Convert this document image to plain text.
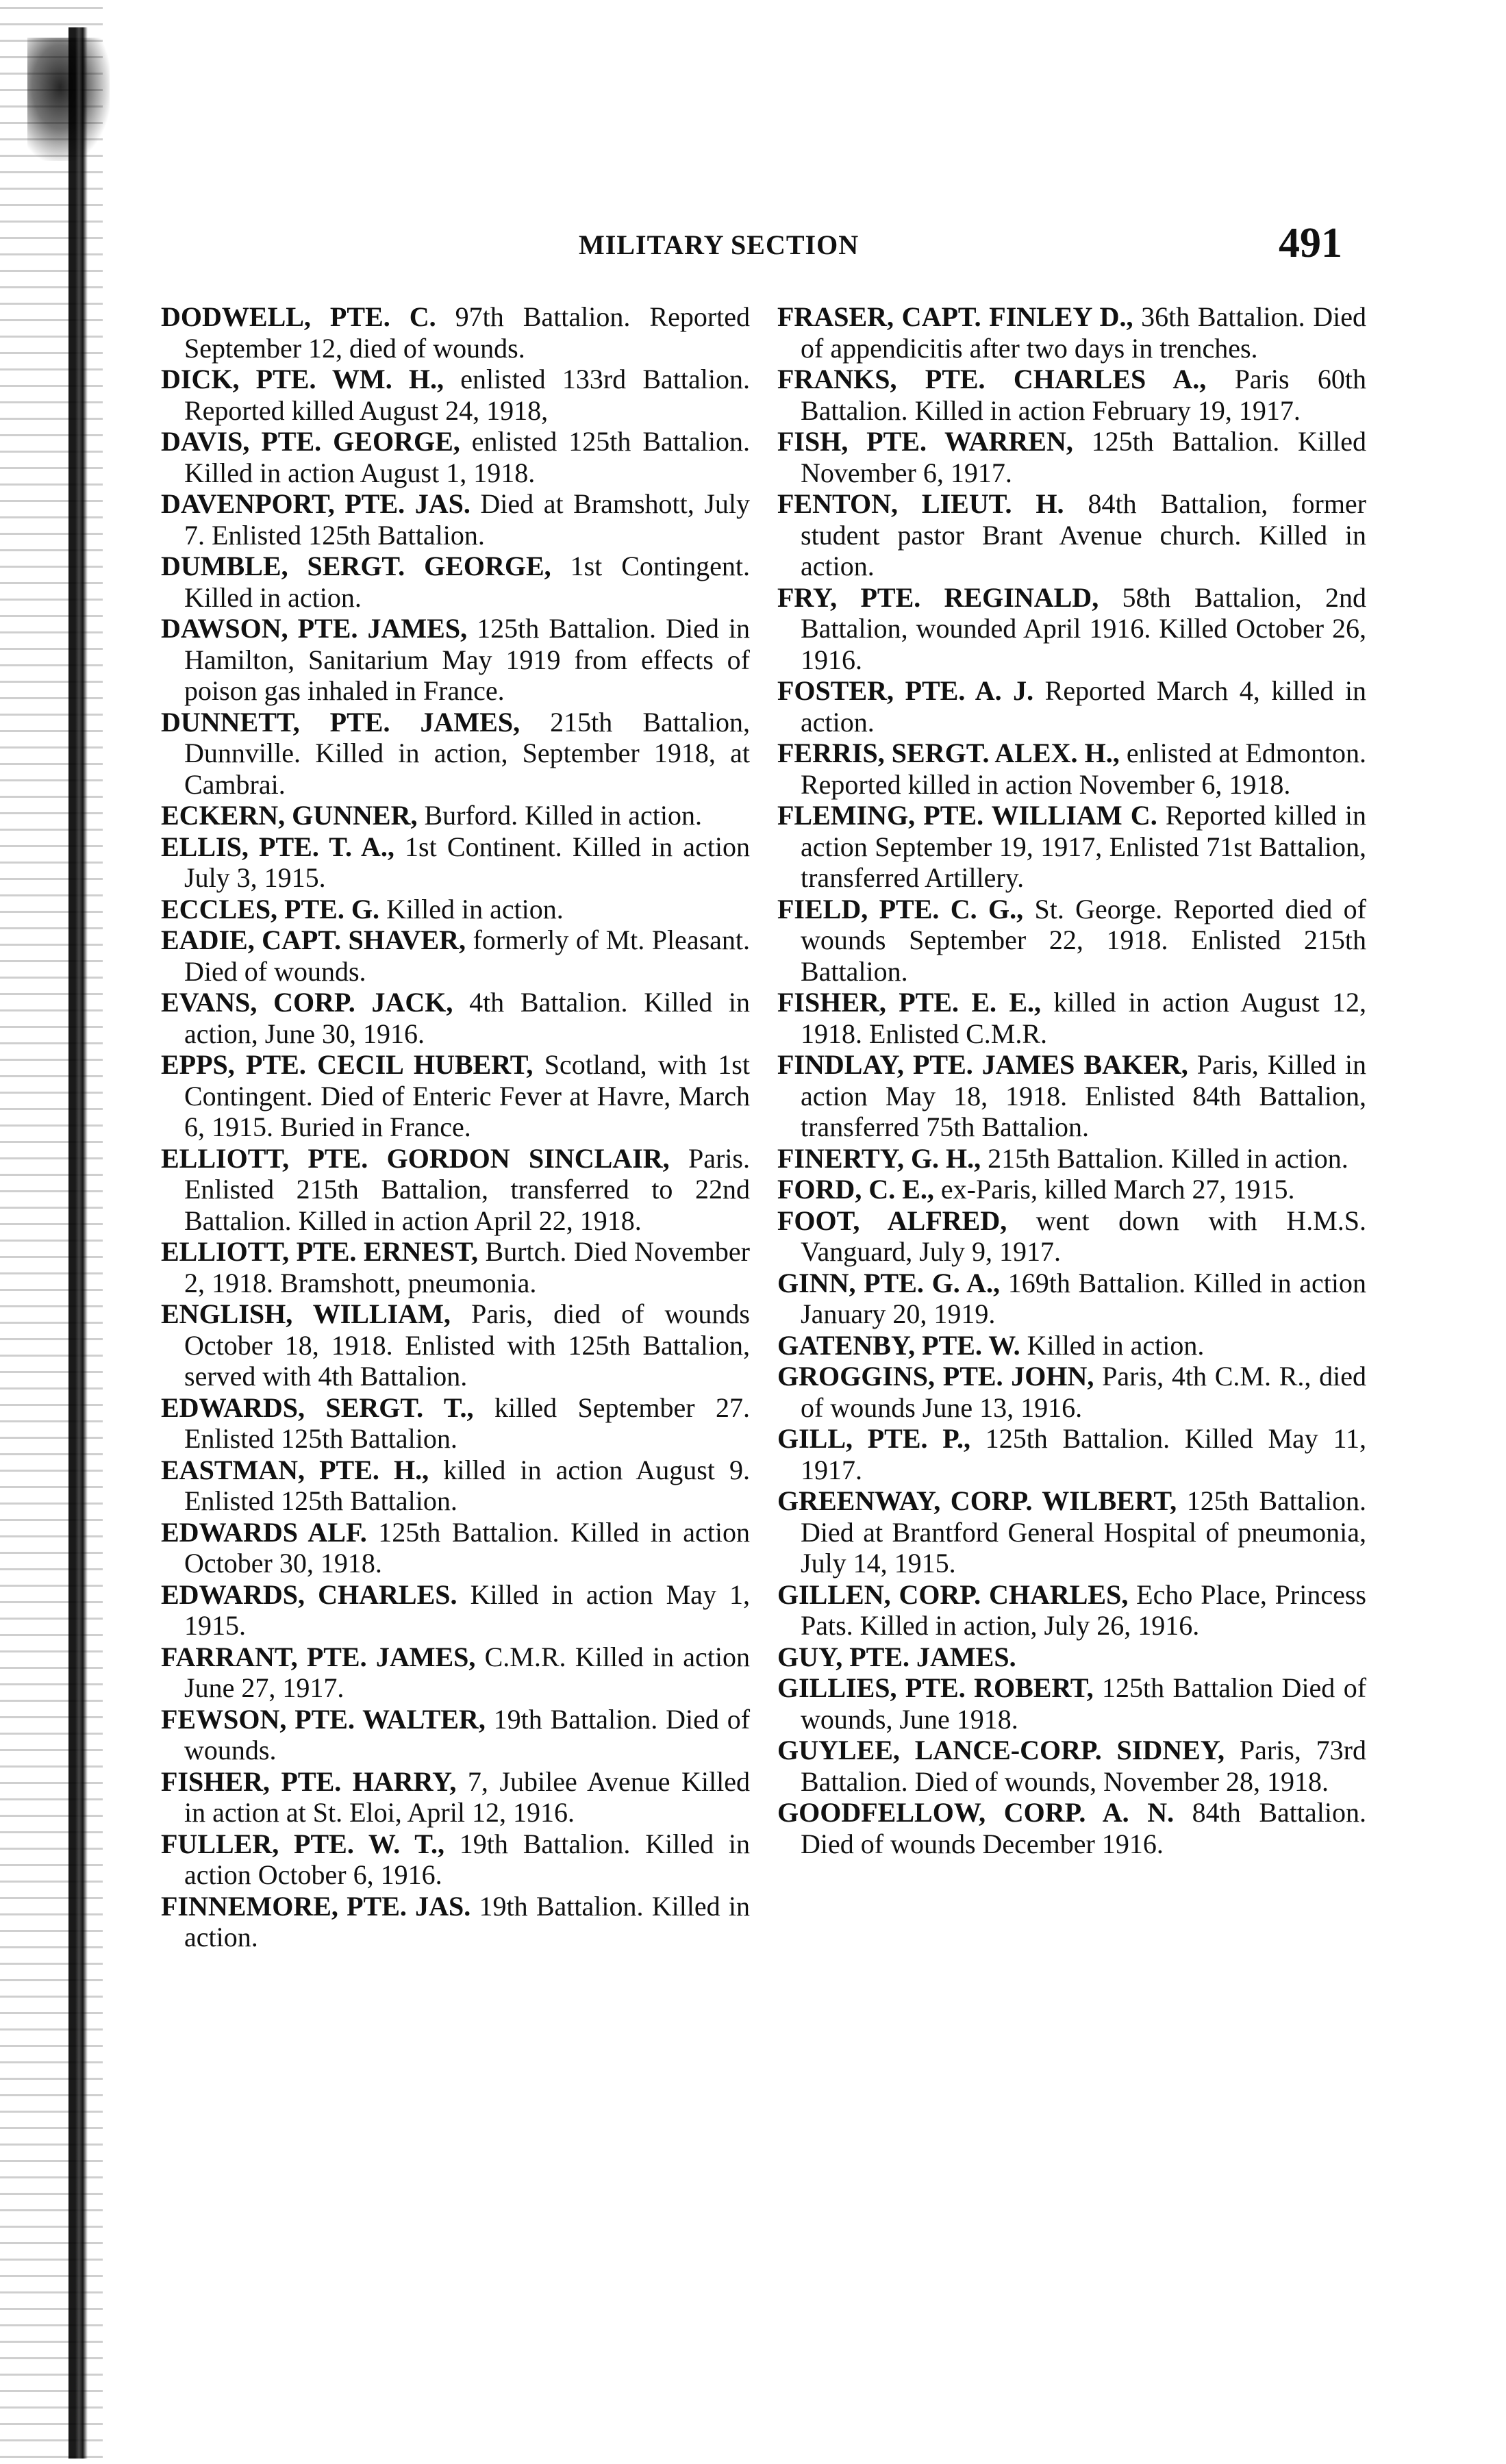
MILITARY SECTION	491

DODWELL, PTE. C. 97th Battalion. Reported September 12, died of wounds.

DICK, PTE. WM. H., enlisted 133rd Battalion. Reported killed August 24, 1918,

DAVIS, PTE. GEORGE, enlisted 125th Battalion. Killed in action August 1, 1918.

DAVENPORT, PTE. JAS. Died at Bramshott, July 7. Enlisted 125th Battalion.

DUMBLE, SERGT. GEORGE, 1st Contingent. Killed in action.

DAWSON, PTE. JAMES, 125th Battalion. Died in Hamilton, Sanitarium May 1919 from effects of poison gas inhaled in France.

DUNNETT, PTE. JAMES, 215th Battalion, Dunnville. Killed in action, September 1918, at Cambrai.

ECKERN, GUNNER, Burford. Killed in action.

ELLIS, PTE. T. A., 1st Continent. Killed in action July 3, 1915.

ECCLES, PTE. G. Killed in action.

EADIE, CAPT. SHAVER, formerly of Mt. Pleasant. Died of wounds.

EVANS, CORP. JACK, 4th Battalion. Killed in action, June 30, 1916.

EPPS, PTE. CECIL HUBERT, Scotland, with 1st Contingent. Died of Enteric Fever at Havre, March 6, 1915. Buried in France.

ELLIOTT, PTE. GORDON SINCLAIR, Paris. Enlisted 215th Battalion, transferred to 22nd Battalion. Killed in action April 22, 1918.

ELLIOTT, PTE. ERNEST, Burtch. Died November 2, 1918. Bramshott, pneumonia.

ENGLISH, WILLIAM, Paris, died of wounds October 18, 1918. Enlisted with 125th Battalion, served with 4th Battalion.

EDWARDS, SERGT. T., killed September 27. Enlisted 125th Battalion.

EASTMAN, PTE. H., killed in action August 9. Enlisted 125th Battalion.

EDWARDS ALF. 125th Battalion. Killed in action October 30, 1918.

EDWARDS, CHARLES. Killed in action May 1, 1915.

FARRANT, PTE. JAMES, C.M.R. Killed in action June 27, 1917.

FEWSON, PTE. WALTER, 19th Battalion. Died of wounds.

FISHER, PTE. HARRY, 7, Jubilee Avenue Killed in action at St. Eloi, April 12, 1916.

FULLER, PTE. W. T., 19th Battalion. Killed in action October 6, 1916.

FINNEMORE, PTE. JAS. 19th Battalion. Killed in action.

FRASER, CAPT. FINLEY D., 36th Battalion. Died of appendicitis after two days in trenches.

FRANKS, PTE. CHARLES A., Paris 60th Battalion. Killed in action February 19, 1917.

FISH, PTE. WARREN, 125th Battalion. Killed November 6, 1917.

FENTON, LIEUT. H. 84th Battalion, former student pastor Brant Avenue church. Killed in action.

FRY, PTE. REGINALD, 58th Battalion, 2nd Battalion, wounded April 1916. Killed October 26, 1916.

FOSTER, PTE. A. J. Reported March 4, killed in action.

FERRIS, SERGT. ALEX. H., enlisted at Edmonton. Reported killed in action November 6, 1918.

FLEMING, PTE. WILLIAM C. Reported killed in action September 19, 1917, Enlisted 71st Battalion, transferred Artillery.

FIELD, PTE. C. G., St. George. Reported died of wounds September 22, 1918. Enlisted 215th Battalion.

FISHER, PTE. E. E., killed in action August 12, 1918. Enlisted C.M.R.

FINDLAY, PTE. JAMES BAKER, Paris, Killed in action May 18, 1918. Enlisted 84th Battalion, transferred 75th Battalion.

FINERTY, G. H., 215th Battalion. Killed in action.

FORD, C. E., ex-Paris, killed March 27, 1915.

FOOT, ALFRED, went down with H.M.S. Vanguard, July 9, 1917.

GINN, PTE. G. A., 169th Battalion. Killed in action January 20, 1919.

GATENBY, PTE. W. Killed in action.

GROGGINS, PTE. JOHN, Paris, 4th C.M. R., died of wounds June 13, 1916.

GILL, PTE. P., 125th Battalion. Killed May 11, 1917.

GREENWAY, CORP. WILBERT, 125th Battalion. Died at Brantford General Hospital of pneumonia, July 14, 1915.

GILLEN, CORP. CHARLES, Echo Place, Princess Pats. Killed in action, July 26, 1916.

GUY, PTE. JAMES.

GILLIES, PTE. ROBERT, 125th Battalion Died of wounds, June 1918.

GUYLEE, LANCE-CORP. SIDNEY, Paris, 73rd Battalion. Died of wounds, November 28, 1918.

GOODFELLOW, CORP. A. N. 84th Battalion. Died of wounds December 1916.
